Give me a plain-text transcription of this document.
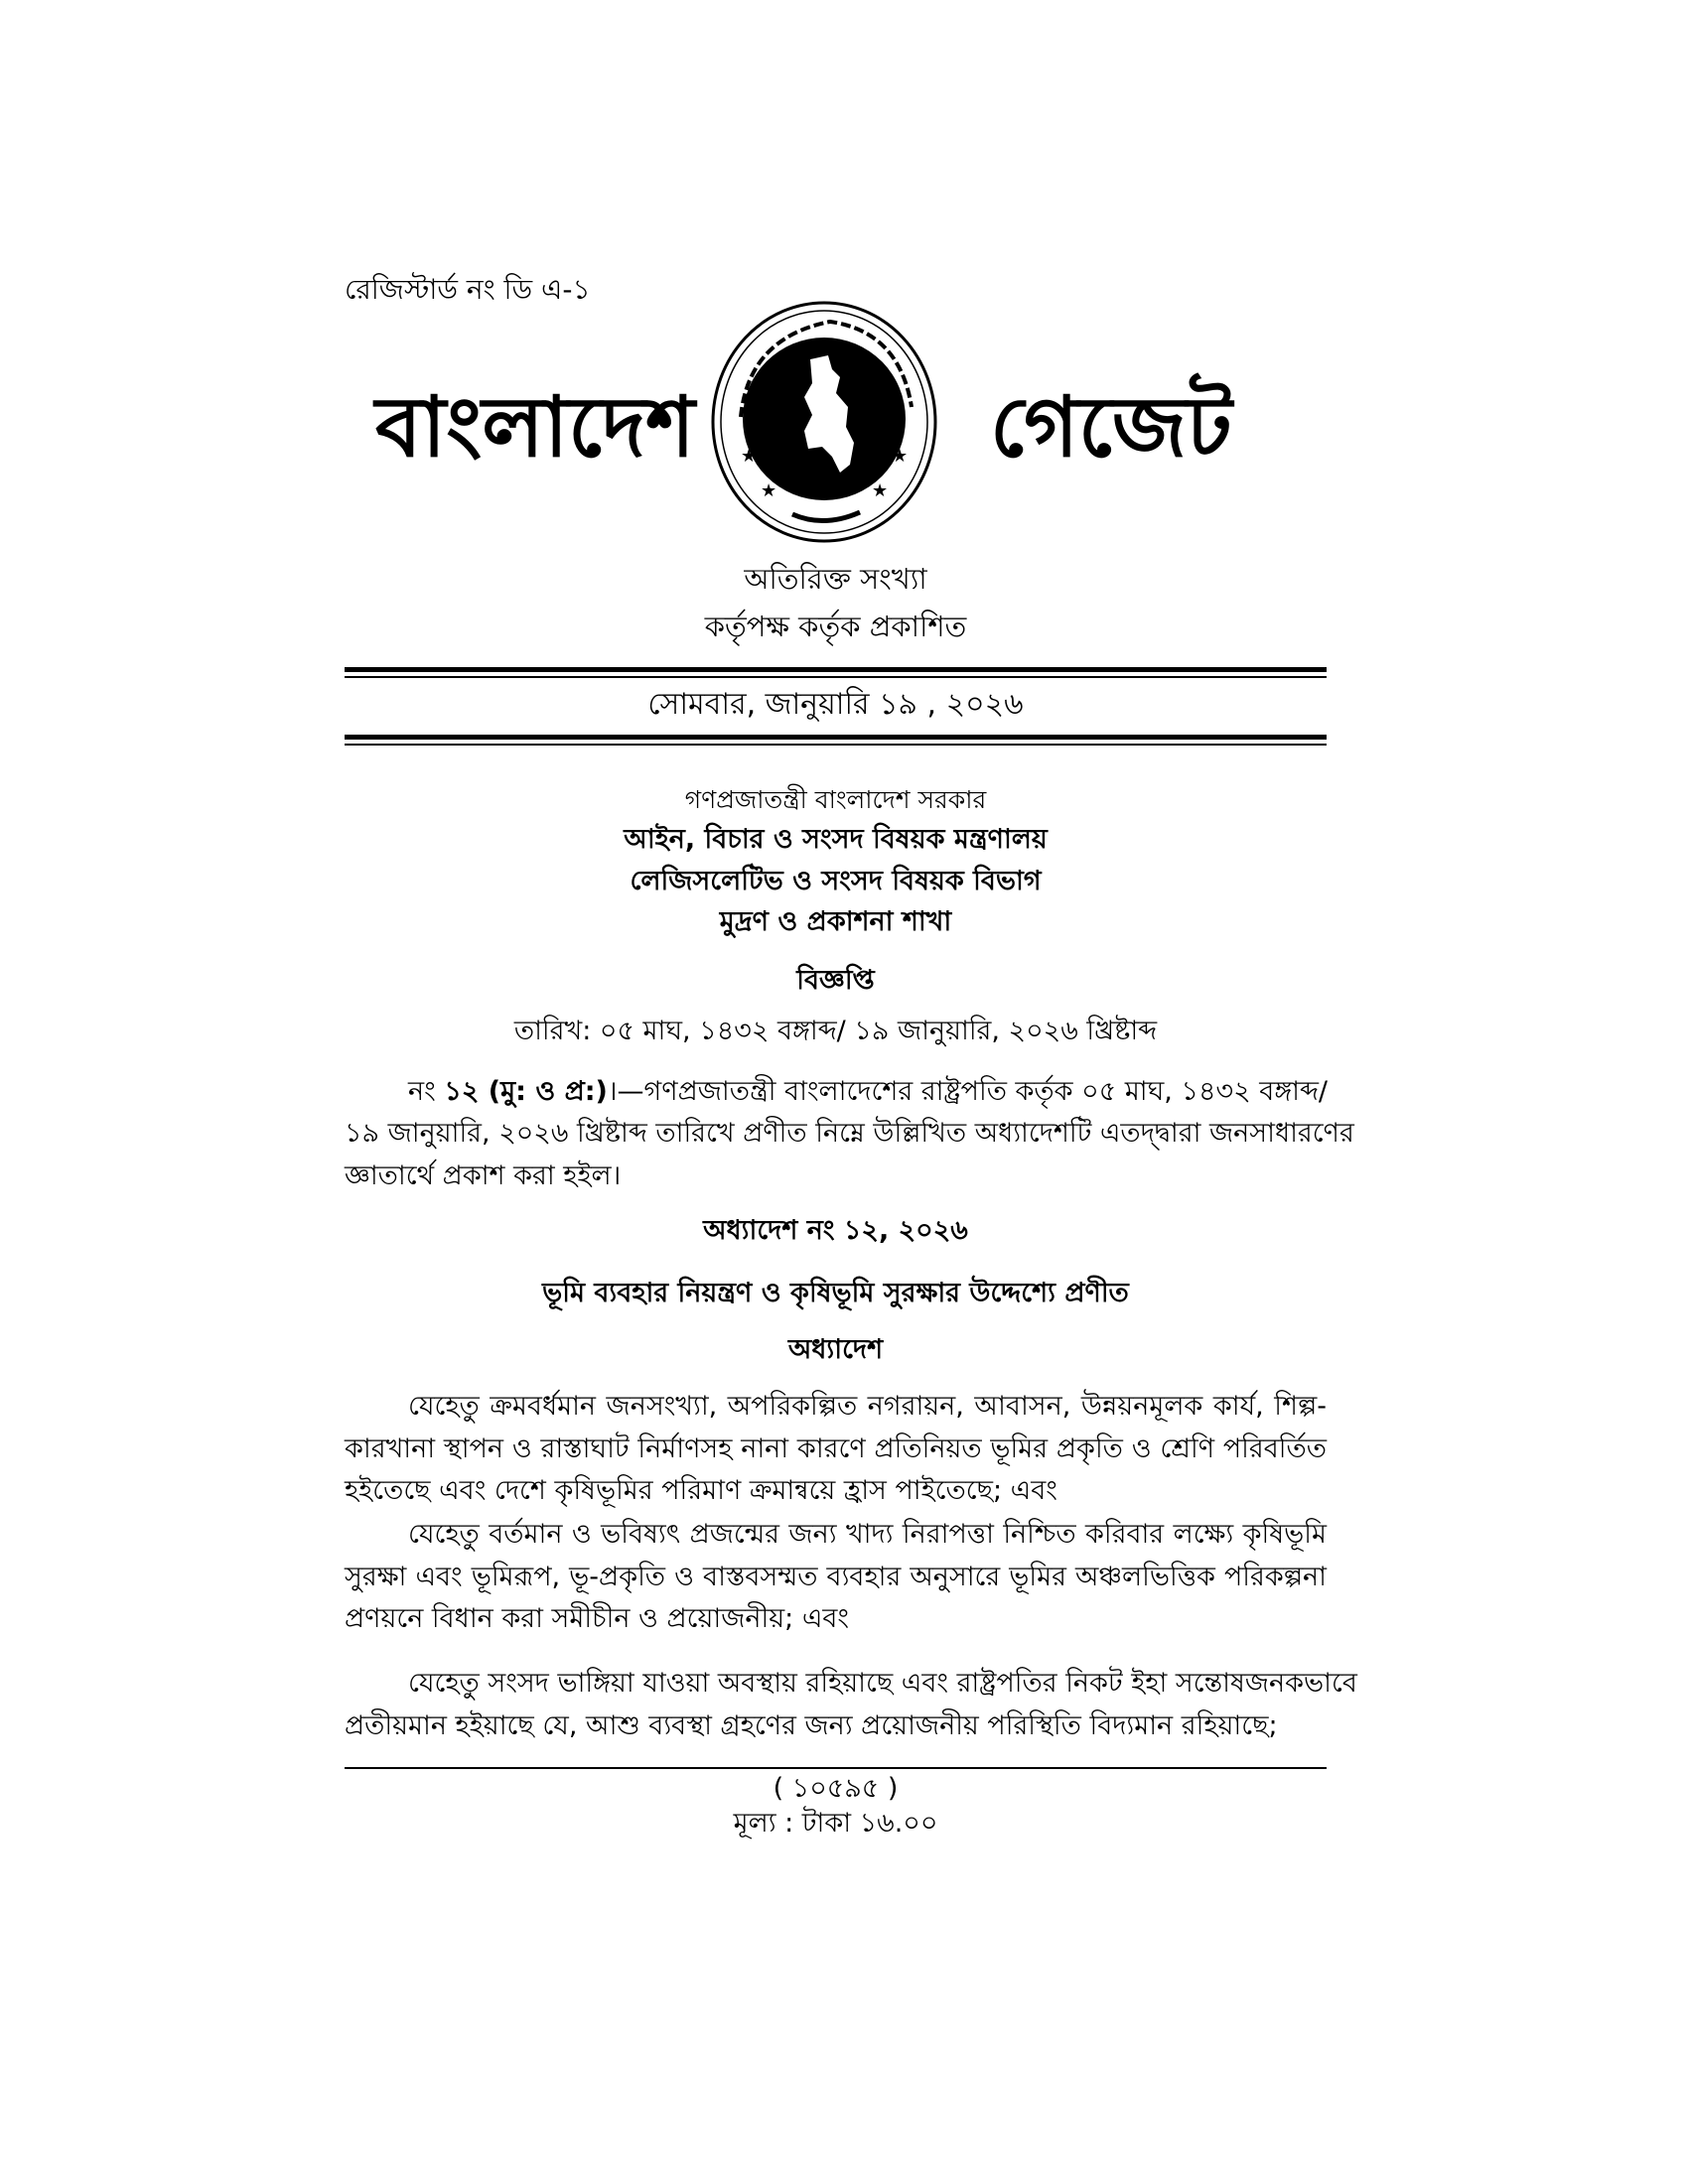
রেজিস্টার্ড নং ডি এ-১
বাংলাদেশ	★
★
★
★
গেজেট
অতিরিক্ত সংখ্যা
কর্তৃপক্ষ কর্তৃক প্রকাশিত
সোমবার, জানুয়ারি ১৯ , ২০২৬
গণপ্রজাতন্ত্রী বাংলাদেশ সরকার
আইন, বিচার ও সংসদ বিষয়ক মন্ত্রণালয়
লেজিসলেটিভ ও সংসদ বিষয়ক বিভাগ
মুদ্রণ ও প্রকাশনা শাখা
বিজ্ঞপ্তি
তারিখ: ০৫ মাঘ, ১৪৩২ বঙ্গাব্দ/ ১৯ জানুয়ারি, ২০২৬ খ্রিষ্টাব্দ
নং ১২ (মু: ও প্র:)।—গণপ্রজাতন্ত্রী বাংলাদেশের রাষ্ট্রপতি কর্তৃক ০৫ মাঘ, ১৪৩২ বঙ্গাব্দ/
১৯ জানুয়ারি, ২০২৬ খ্রিষ্টাব্দ তারিখে প্রণীত নিম্নে উল্লিখিত অধ্যাদেশটি এতদ্দ্বারা জনসাধারণের
জ্ঞাতার্থে প্রকাশ করা হইল।
অধ্যাদেশ নং ১২, ২০২৬
ভূমি ব্যবহার নিয়ন্ত্রণ ও কৃষিভূমি সুরক্ষার উদ্দেশ্যে প্রণীত
অধ্যাদেশ
যেহেতু ক্রমবর্ধমান জনসংখ্যা, অপরিকল্পিত নগরায়ন, আবাসন, উন্নয়নমূলক কার্য, শিল্প-
কারখানা স্থাপন ও রাস্তাঘাট নির্মাণসহ নানা কারণে প্রতিনিয়ত ভূমির প্রকৃতি ও শ্রেণি পরিবর্তিত
হইতেছে এবং দেশে কৃষিভূমির পরিমাণ ক্রমান্বয়ে হ্রাস পাইতেছে; এবং
যেহেতু বর্তমান ও ভবিষ্যৎ প্রজন্মের জন্য খাদ্য নিরাপত্তা নিশ্চিত করিবার লক্ষ্যে কৃষিভূমি
সুরক্ষা এবং ভূমিরূপ, ভূ-প্রকৃতি ও বাস্তবসম্মত ব্যবহার অনুসারে ভূমির অঞ্চলভিত্তিক পরিকল্পনা
প্রণয়নে বিধান করা সমীচীন ও প্রয়োজনীয়; এবং
যেহেতু সংসদ ভাঙ্গিয়া যাওয়া অবস্থায় রহিয়াছে এবং রাষ্ট্রপতির নিকট ইহা সন্তোষজনকভাবে
প্রতীয়মান হইয়াছে যে, আশু ব্যবস্থা গ্রহণের জন্য প্রয়োজনীয় পরিস্থিতি বিদ্যমান রহিয়াছে;
( ১০৫৯৫ )
মূল্য : টাকা ১৬.০০
